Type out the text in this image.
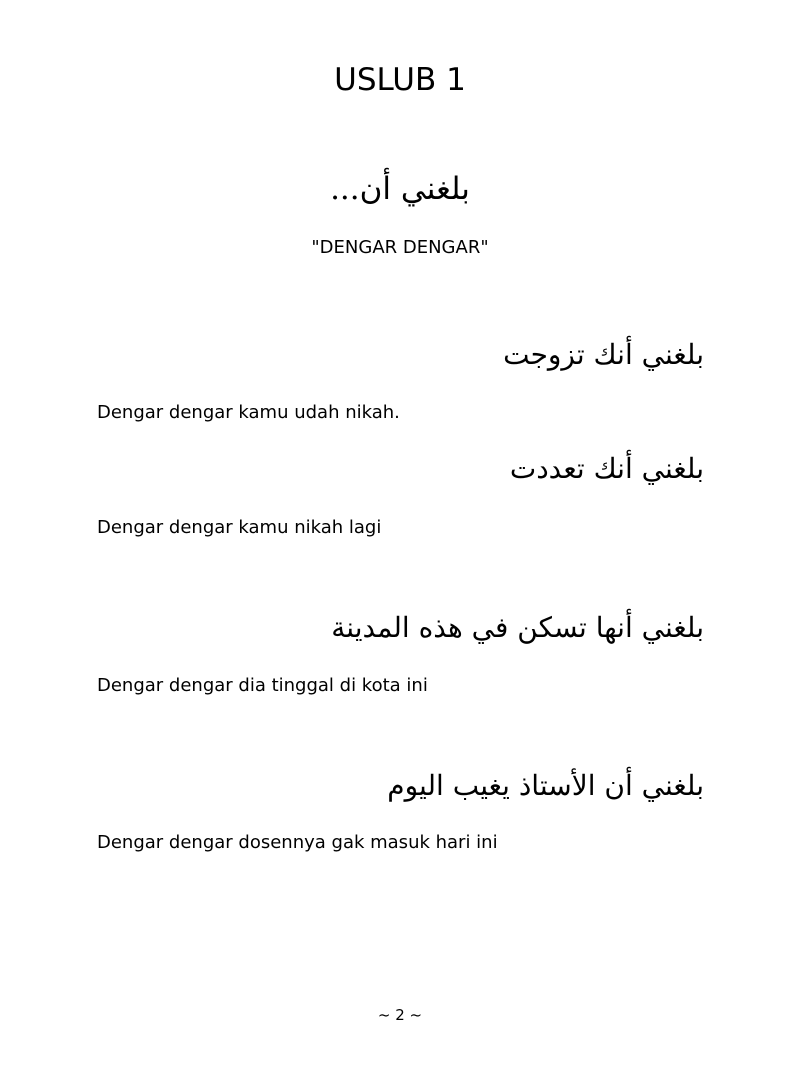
USLUB 1
بلغني أن...
"DENGAR DENGAR"
بلغني أنك تزوجت
Dengar dengar kamu udah nikah.
بلغني أنك تعددت
Dengar dengar kamu nikah lagi
بلغني أنها تسكن في هذه المدينة
Dengar dengar dia tinggal di kota ini
بلغني أن الأستاذ يغيب اليوم
Dengar dengar dosennya gak masuk hari ini
~ 2 ~
